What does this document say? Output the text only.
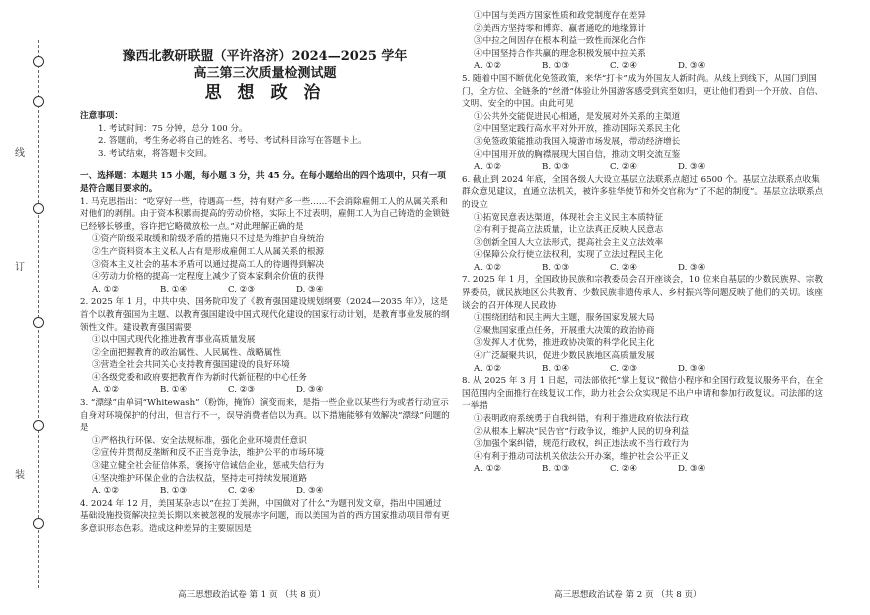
线
订
装
豫西北教研联盟（平许洛济）2024—2025 学年
高三第三次质量检测试题
思 想 政 治
注意事项：
1. 考试时间：75 分钟，总分 100 分。
2. 答题前，考生务必将自己的姓名、考号、考试科目涂写在答题卡上。
3. 考试结束，将答题卡交回。
一、选择题：本题共 15 小题，每小题 3 分，共 45 分。在每小题给出的四个选项中，只有一项是符合题目要求的。
1. 马克思指出：“吃穿好一些，待遇高一些，持有财产多一些……不会消除雇佣工人的从属关系和对他们的剥削。由于资本积累而提高的劳动价格，实际上不过表明，雇佣工人为自己铸造的金锁链已经够长够重，容许把它略微放松一点。”对此理解正确的是
①资产阶级采取缓和阶级矛盾的措施只不过是为维护自身统治
②生产资料资本主义私人占有是形成雇佣工人从属关系的根源
③资本主义社会的基本矛盾可以通过提高工人的待遇得到解决
④劳动力价格的提高一定程度上减少了资本家剩余价值的获得
A. ①②	B. ①④	C. ②③	D. ③④
2. 2025 年 1 月，中共中央、国务院印发了《教育强国建设规划纲要（2024—2035 年）》，这是首个以教育强国为主题、以教育强国建设中国式现代化建设的国家行动计划，是教育事业发展的纲领性文件。建设教育强国需要
①以中国式现代化推进教育事业高质量发展
②全面把握教育的政治属性、人民属性、战略属性
③营造全社会共同关心支持教育强国建设的良好环境
④各级党委和政府要把教育作为新时代新征程的中心任务
A. ①②	B. ①④	C. ②③	D. ③④
3. “漂绿”由单词“Whitewash”（粉饰，掩饰）演变而来，是指一些企业以某些行为或者行动宣示自身对环境保护的付出，但言行不一，误导消费者信以为真。以下措施能够有效解决“漂绿”问题的是
①严格执行环保、安全法规标准，强化企业环境责任意识
②宣传并贯彻反垄断和反不正当竞争法，维护公平的市场环境
③建立健全社会征信体系，褒扬守信诚信企业，惩戒失信行为
④坚决维护环保企业的合法权益，坚持走可持续发展道路
A. ①②	B. ①③	C. ②④	D. ③④
4. 2024 年 12 月，美国某杂志以“在拉丁美洲，中国做对了什么”为题刊发文章，指出中国通过基础设施投资解决拉美长期以来被忽视的发展赤字问题，而以美国为首的西方国家推动项目带有更多意识形态色彩。造成这种差异的主要原因是
①中国与美西方国家性质和政党制度存在差异
②美西方坚持零和博弈、赢者通吃的地缘算计
③中拉之间因存在根本利益一致性而深化合作
④中国坚持合作共赢的理念积极发展中拉关系
A. ①②	B. ①③	C. ②④	D. ③④
5. 随着中国不断优化免签政策，来华“打卡”成为外国友人新时尚。从线上到线下，从国门到国门，全方位、全链条的“丝滑”体验让外国游客感受到宾至如归，更让他们看到一个开放、自信、文明、安全的中国。由此可见
①公共外交能促进民心相通，是发展对外关系的主渠道
②中国坚定践行高水平对外开放，推动国际关系民主化
③免签政策能推动我国入境游市场发展，带动经济增长
④中国用开放的胸襟展现大国自信，推动文明交流互鉴
A. ①②	B. ①③	C. ②④	D. ③④
6. 截止到 2024 年底，全国各级人大设立基层立法联系点超过 6500 个。基层立法联系点收集群众意见建议，直通立法机关，被许多驻华使节和外交官称为“了不起的制度”。基层立法联系点的设立
①拓宽民意表达渠道，体现社会主义民主本质特征
②有利于提高立法质量，让立法真正反映人民意志
③创新全国人大立法形式，提高社会主义立法效率
④保障公众行使立法权利，实现了立法过程民主化
A. ①②	B. ①③	C. ②④	D. ③④
7. 2025 年 1 月，全国政协民族和宗教委员会召开座谈会，10 位来自基层的少数民族界、宗教界委员，就民族地区公共教育、少数民族非遗传承人、乡村振兴等问题反映了他们的关切。该座谈会的召开体现人民政协
①围绕团结和民主两大主题，服务国家发展大局
②聚焦国家重点任务，开展重大决策的政治协商
③发挥人才优势，推进政协决策的科学化民主化
④广泛凝聚共识，促进少数民族地区高质量发展
A. ①②	B. ①④	C. ②③	D. ③④
8. 从 2025 年 3 月 1 日起，司法部依托“掌上复议”微信小程序和全国行政复议服务平台，在全国范围内全面推行在线复议工作，助力社会公众实现足不出户申请和参加行政复议。司法部的这一举措
①表明政府系统勇于自我纠错，有利于推进政府依法行政
②从根本上解决“民告官”行政争议，维护人民的切身利益
③加强个案纠错，规范行政权，纠正违法或不当行政行为
④有利于推动司法机关依法公开办案，维护社会公平正义
A. ①②	B. ①③	C. ②④	D. ③④
高三思想政治试卷 第 1 页 （共 8 页）	高三思想政治试卷 第 2 页 （共 8 页）
